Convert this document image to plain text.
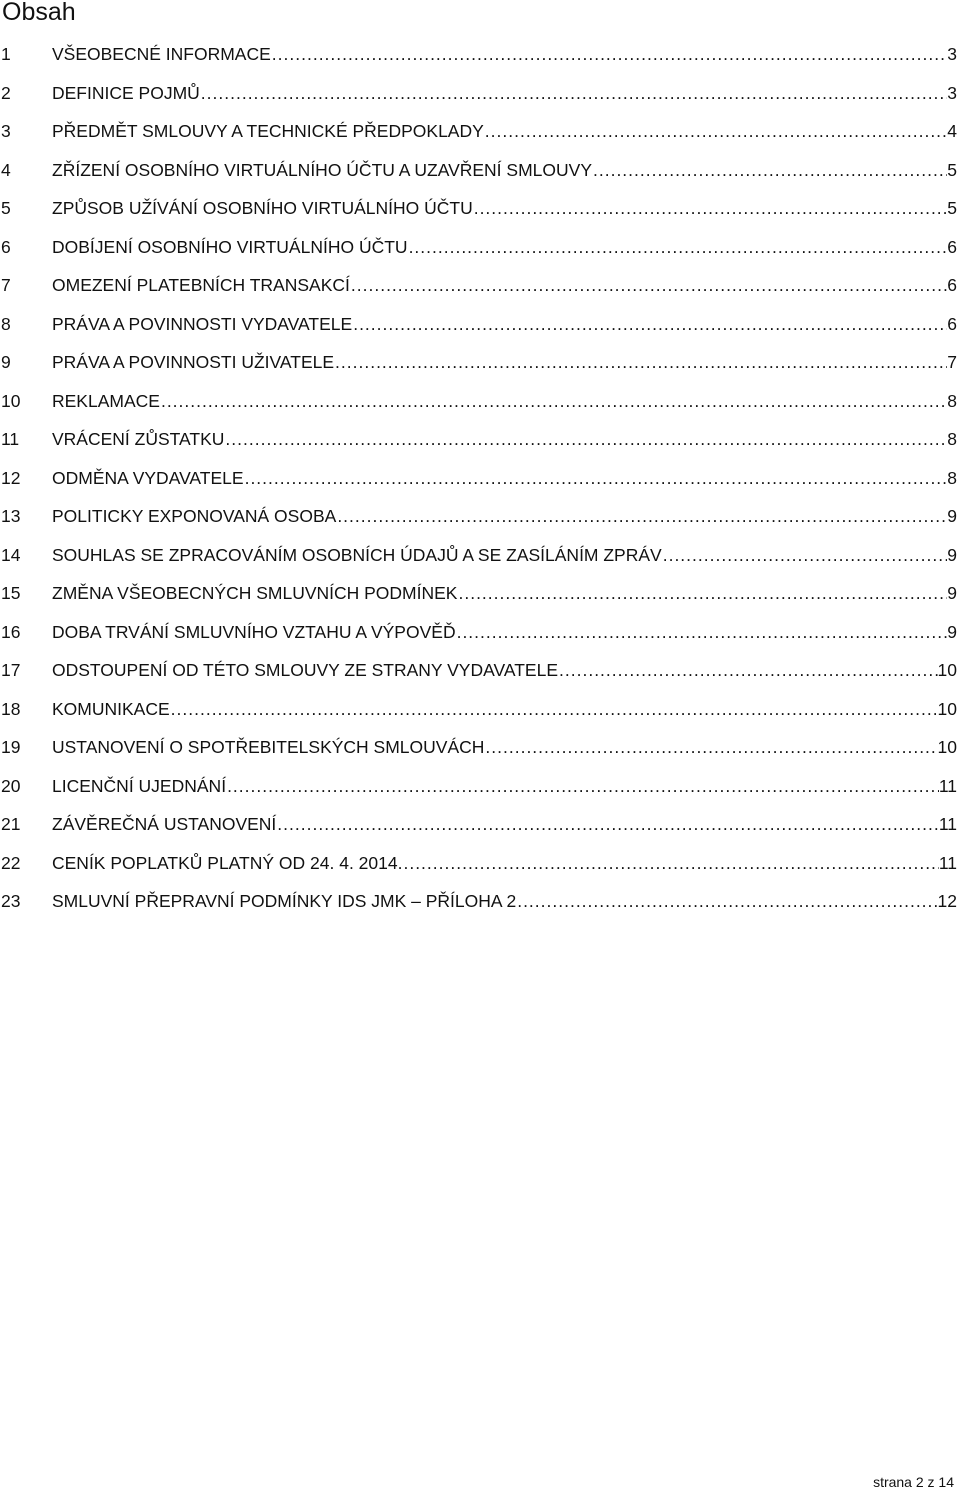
Obsah
1	VŠEOBECNÉ INFORMACE .....	3
2	DEFINICE POJMŮ .....	3
3	PŘEDMĚT SMLOUVY A TECHNICKÉ PŘEDPOKLADY .....	4
4	ZŘÍZENÍ OSOBNÍHO VIRTUÁLNÍHO ÚČTU A UZAVŘENÍ SMLOUVY .....	5
5	ZPŮSOB UŽÍVÁNÍ OSOBNÍHO VIRTUÁLNÍHO ÚČTU .....	5
6	DOBÍJENÍ OSOBNÍHO VIRTUÁLNÍHO ÚČTU .....	6
7	OMEZENÍ PLATEBNÍCH TRANSAKCÍ .....	6
8	PRÁVA A POVINNOSTI VYDAVATELE .....	6
9	PRÁVA A POVINNOSTI UŽIVATELE .....	7
10	REKLAMACE .....	8
11	VRÁCENÍ ZŮSTATKU .....	8
12	ODMĚNA VYDAVATELE .....	8
13	POLITICKY EXPONOVANÁ OSOBA .....	9
14	SOUHLAS SE ZPRACOVÁNÍM OSOBNÍCH ÚDAJŮ A SE ZASÍLÁNÍM ZPRÁV .....	9
15	ZMĚNA VŠEOBECNÝCH SMLUVNÍCH PODMÍNEK .....	9
16	DOBA TRVÁNÍ SMLUVNÍHO VZTAHU A VÝPOVĚĎ .....	9
17	ODSTOUPENÍ OD TÉTO SMLOUVY ZE STRANY VYDAVATELE .....	10
18	KOMUNIKACE .....	10
19	USTANOVENÍ O SPOTŘEBITELSKÝCH SMLOUVÁCH .....	10
20	LICENČNÍ UJEDNÁNÍ .....	11
21	ZÁVĚREČNÁ USTANOVENÍ .....	11
22	CENÍK POPLATKŮ PLATNÝ OD 24. 4. 2014. .....	11
23	SMLUVNÍ PŘEPRAVNÍ PODMÍNKY IDS JMK – PŘÍLOHA 2 .....	12
strana 2 z 14
